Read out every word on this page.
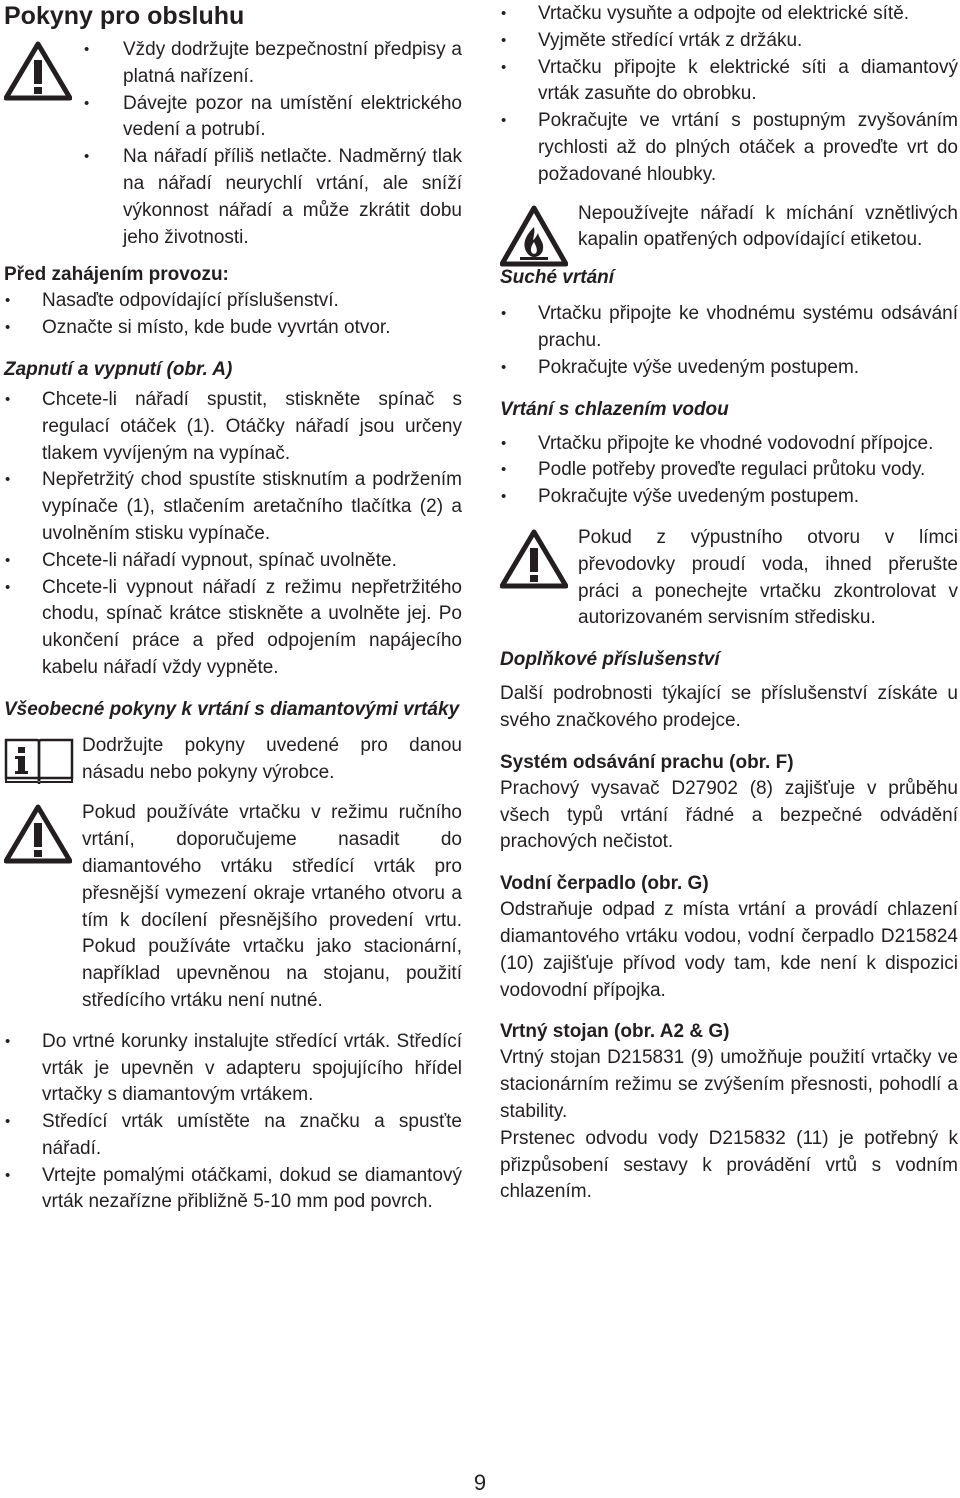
Pokyny pro obsluhu
• Vždy dodržujte bezpečnostní předpisy a platná nařízení.
• Dávejte pozor na umístění elektrického vedení a potrubí.
• Na nářadí příliš netlačte. Nadměrný tlak na nářadí neurychlí vrtání, ale sníží výkonnost nářadí a může zkrátit dobu jeho životnosti.
Před zahájením provozu:
• Nasaďte odpovídající příslušenství.
• Označte si místo, kde bude vyvrtán otvor.
Zapnutí a vypnutí (obr. A)
• Chcete-li nářadí spustit, stiskněte spínač s regulací otáček (1). Otáčky nářadí jsou určeny tlakem vyvíjeným na vypínač.
• Nepřetržitý chod spustíte stisknutím a podržením vypínače (1), stlačením aretačního tlačítka (2) a uvolněním stisku vypínače.
• Chcete-li nářadí vypnout, spínač uvolněte.
• Chcete-li vypnout nářadí z režimu nepřetržitého chodu, spínač krátce stiskněte a uvolněte jej. Po ukončení práce a před odpojením napájecího kabelu nářadí vždy vypněte.
Všeobecné pokyny k vrtání s diamantovými vrtáky
Dodržujte pokyny uvedené pro danou násadu nebo pokyny výrobce.
Pokud používáte vrtačku v režimu ručního vrtání, doporučujeme nasadit do diamantového vrtáku středící vrták pro přesnější vymezení okraje vrtaného otvoru a tím k docílení přesnějšího provedení vrtu. Pokud používáte vrtačku jako stacionární, například upevněnou na stojanu, použití středícího vrtáku není nutné.
• Do vrtné korunky instalujte středící vrták. Středící vrták je upevněn v adapteru spojujícího hřídel vrtačky s diamantovým vrtákem.
• Středící vrták umístěte na značku a spusťte nářadí.
• Vrtejte pomalými otáčkami, dokud se diamantový vrták nezařízne přibližně 5-10 mm pod povrch.
• Vrtačku vysuňte a odpojte od elektrické sítě.
• Vyjměte středící vrták z držáku.
• Vrtačku připojte k elektrické síti a diamantový vrták zasuňte do obrobku.
• Pokračujte ve vrtání s postupným zvyšováním rychlosti až do plných otáček a proveďte vrt do požadované hloubky.
Nepoužívejte nářadí k míchání vznětlivých kapalin opatřených odpovídající etiketou.
Suché vrtání
• Vrtačku připojte ke vhodnému systému odsávání prachu.
• Pokračujte výše uvedeným postupem.
Vrtání s chlazením vodou
• Vrtačku připojte ke vhodné vodovodní přípojce.
• Podle potřeby proveďte regulaci průtoku vody.
• Pokračujte výše uvedeným postupem.
Pokud z výpustního otvoru v límci převodovky proudí voda, ihned přerušte práci a ponechejte vrtačku zkontrolovat v autorizovaném servisním středisku.
Doplňkové příslušenství
Další podrobnosti týkající se příslušenství získáte u svého značkového prodejce.
Systém odsávání prachu (obr. F)
Prachový vysavač D27902 (8) zajišťuje v průběhu všech typů vrtání řádné a bezpečné odvádění prachových nečistot.
Vodní čerpadlo (obr. G)
Odstraňuje odpad z místa vrtání a provádí chlazení diamantového vrtáku vodou, vodní čerpadlo D215824 (10) zajišťuje přívod vody tam, kde není k dispozici vodovodní přípojka.
Vrtný stojan (obr. A2 & G)
Vrtný stojan D215831 (9) umožňuje použití vrtačky ve stacionárním režimu se zvýšením přesnosti, pohodlí a stability.
Prstenec odvodu vody D215832 (11) je potřebný k přizpůsobení sestavy k provádění vrtů s vodním chlazením.
9
